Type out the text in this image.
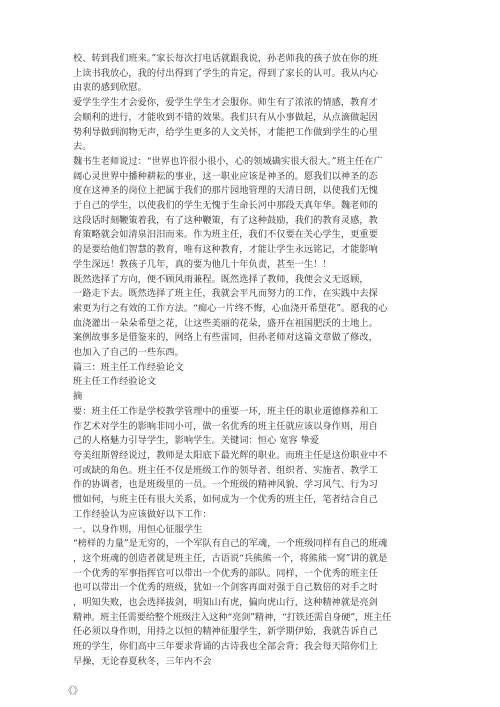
校、转到我们班来。”家长每次打电话就跟我说，孙老师我的孩子放在你的班

上读书我放心，我的付出得到了学生的肯定，得到了家长的认可。我从内心

由衷的感到欣慰。

爱学生学生才会爱你，爱学生学生才会服你。师生有了浓浓的情感，教育才

会顺利的进行，才能收到不错的效果。我们只有从小事做起，从点滴做起因

势利导做到润物无声，给学生更多的人文关怀，才能把工作做到学生的心里

去。

魏书生老师说过：“世界也许很小很小，心的领域确实很大很大。”班主任在广

阔心灵世界中播种耕耘的事业，这一职业应该是神圣的。愿我们以神圣的态

度在这神圣的岗位上把属于我们的那片园地管理的天清日朗，以使我们无愧

于自己的学生，以使我们的学生无愧于生命长河中那段天真年华。魏老师的

这段话时刻鞭策着我，有了这种鞭策，有了这种鼓励，我们的教育灵感，教

育策略就会如清泉汨汨而来。作为班主任，我们不仅要在关心学生，更重要

的是要给他们智慧的教育，唯有这种教育，才能让学生永远铭记，才能影响

学生深远！教孩子几年，真的要为他几十年负责，甚至一生！！

既然选择了方向，便不顾风雨兼程。既然选择了教师，我便会义无返顾，

一路走下去。既然选择了班主任，我就会平凡而努力的工作，在实践中去探

索更为行之有效的工作方法。“痴心一片终不悔，心血浇开希望花”。愿我的心

血浇灌出一朵朵希望之花，让这些美丽的花朵，盛开在祖国肥沃的土地上。

案例故事多是借鉴来的，网络上有些雷同，但孙老师对这篇文章做了修改，

也加入了自己的一些东西。

篇三：班主任工作经验论文

班主任工作经验论文

摘

要：班主任工作是学校教学管理中的重要一环，班主任的职业道德修养和工

作艺术对学生的影响非同小可，做一名优秀的班主任就应该以身作则，用自

己的人格魅力引导学生，影响学生。关键词：恒心 宽容 挚爱

夸美纽斯曾经说过，教师是太阳底下最光辉的职业。而班主任是这份职业中不

可或缺的角色。班主任不仅是班级工作的领导者、组织者、实施者、教学工

作的协调者，也是班级里的一员。一个班级的精神风貌、学习风气、行为习

惯如何，与班主任有很大关系，如何成为一个优秀的班主任，笔者结合自己

工作经验认为应该做好以下工作：

一、以身作则，用恒心征服学生

“榜样的力量”是无穷的，一个军队有自己的军魂，一个班级同样有自己的班魂

，这个班魂的创造者就是班主任，古语说“兵熊熊一个，将熊熊一窝”讲的就是

一个优秀的军事指挥官可以带出一个优秀的部队。同样，一个优秀的班主任

也可以带出一个优秀的班级，犹如一个剑客再面对强于自己数倍的对手之时

，明知失败，也会选择拔剑，明知山有虎，偏向虎山行，这种精神就是亮剑

精神。班主任需要给整个班级注入这种“亮剑”精神，“打铁还需自身硬”，班主任

任必须以身作则，用持之以恒的精神征服学生，新学期伊始，我就告诉自己

班的学生，你们高中三年要求背诵的古诗我也全部会背；我会每天陪你们上

早操，无论春夏秋冬，三年内不会

《》
